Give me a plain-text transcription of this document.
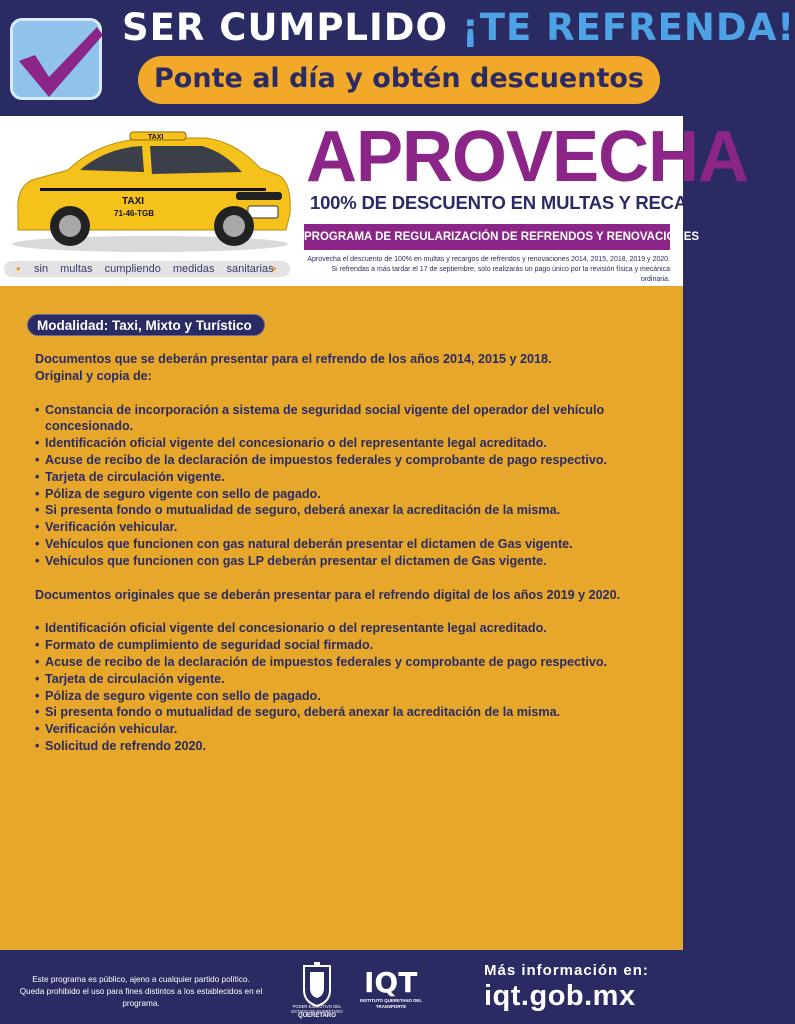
SER CUMPLIDO ¡TE REFRENDA!
Ponte al día y obtén descuentos
TAXI
71-46-TGB
TAXI
• sin multas cumpliendo medidas sanitarias
•
APROVECHA
100% DE DESCUENTO EN MULTAS Y RECARGOS
PROGRAMA DE REGULARIZACIÓN DE REFRENDOS Y RENOVACIONES
Aprovecha el descuento de 100% en multas y recargos de refrendos y renovaciones 2014, 2015, 2018, 2019 y 2020.
Si refrendas a más tardar el 17 de septiembre, solo realizarás un pago único por la revisión física y mecánica ordinaria.
Modalidad: Taxi, Mixto y Turístico

Documentos que se deberán presentar para el refrendo de los años 2014, 2015 y 2018.

Original y copia de:

• Constancia de incorporación a sistema de seguridad social vigente del operador del vehículo concesionado.
• Identificación oficial vigente del concesionario o del representante legal acreditado.
• Acuse de recibo de la declaración de impuestos federales y comprobante de pago respectivo.
• Tarjeta de circulación vigente.
• Póliza de seguro vigente con sello de pagado.
• Si presenta fondo o mutualidad de seguro, deberá anexar la acreditación de la misma.
• Verificación vehicular.
• Vehículos que funcionen con gas natural deberán presentar el dictamen de Gas vigente.
• Vehículos que funcionen con gas LP deberán presentar el dictamen de Gas vigente.

Documentos originales que se deberán presentar para el refrendo digital de los años 2019 y 2020.

• Identificación oficial vigente del concesionario o del representante legal acreditado.
• Formato de cumplimiento de seguridad social firmado.
• Acuse de recibo de la declaración de impuestos federales y comprobante de pago respectivo.
• Tarjeta de circulación vigente.
• Póliza de seguro vigente con sello de pagado.
• Si presenta fondo o mutualidad de seguro, deberá anexar la acreditación de la misma.
• Verificación vehicular.
• Solicitud de refrendo 2020.
Este programa es público, ajeno a cualquier partido político.
Queda prohibido el uso para fines distintos a los establecidos en el programa.	PODER EJECUTIVO DEL ESTADO DE QUERÉTARO
QUERÉTARO
IQT
INSTITUTO QUERETANO DEL TRANSPORTE
Más información en:
iqt.gob.mx
